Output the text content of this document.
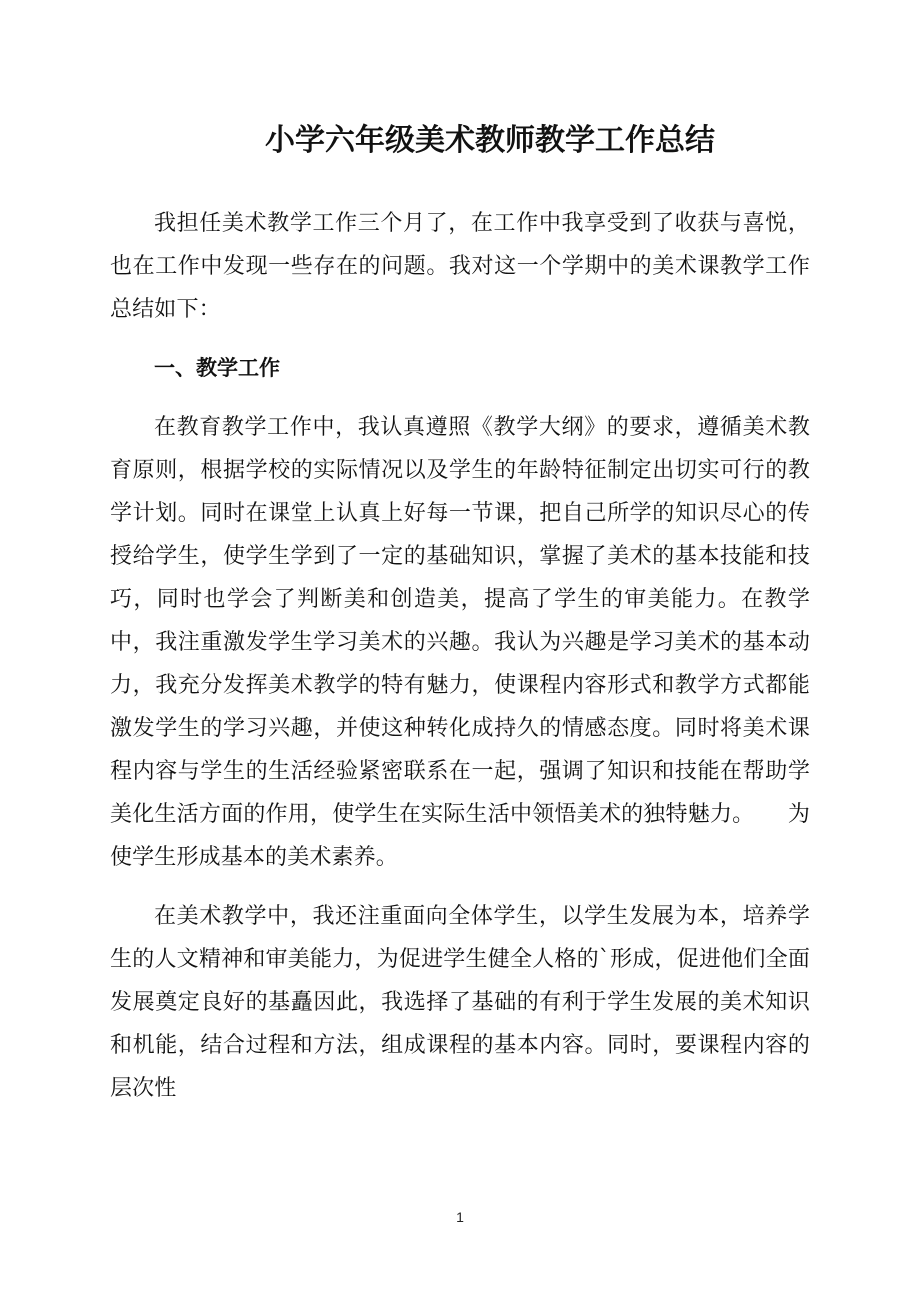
小学六年级美术教师教学工作总结

我担任美术教学工作三个月了，在工作中我享受到了收获与喜悦，也在工作中发现一些存在的问题。我对这一个学期中的美术课教学工作总结如下：

一、教学工作

在教育教学工作中，我认真遵照《教学大纲》的要求，遵循美术教育原则，根据学校的实际情况以及学生的年龄特征制定出切实可行的教学计划。同时在课堂上认真上好每一节课，把自己所学的知识尽心的传授给学生，使学生学到了一定的基础知识，掌握了美术的基本技能和技巧，同时也学会了判断美和创造美，提高了学生的审美能力。在教学中，我注重激发学生学习美术的兴趣。我认为兴趣是学习美术的基本动力，我充分发挥美术教学的特有魅力，使课程内容形式和教学方式都能激发学生的学习兴趣，并使这种转化成持久的情感态度。同时将美术课程内容与学生的生活经验紧密联系在一起，强调了知识和技能在帮助学美化生活方面的作用，使学生在实际生活中领悟美术的独特魅力。　　为使学生形成基本的美术素养。

在美术教学中，我还注重面向全体学生，以学生发展为本，培养学生的人文精神和审美能力，为促进学生健全人格的`形成，促进他们全面发展奠定良好的基矗因此，我选择了基础的有利于学生发展的美术知识和机能，结合过程和方法，组成课程的基本内容。同时，要课程内容的层次性

1
